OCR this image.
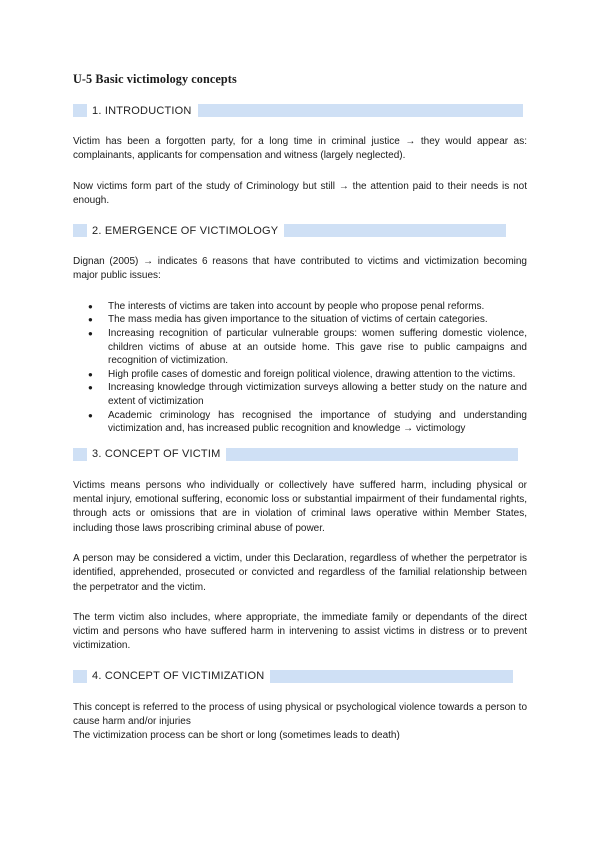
U-5 Basic victimology concepts
1. INTRODUCTION

Victim has been a forgotten party, for a long time in criminal justice → they would appear as: complainants, applicants for compensation and witness (largely neglected).

Now victims form part of the study of Criminology but still → the attention paid to their needs is not enough.

2. EMERGENCE OF VICTIMOLOGY

Dignan (2005) → indicates 6 reasons that have contributed to victims and victimization becoming major public issues:

● The interests of victims are taken into account by people who propose penal reforms.
● The mass media has given importance to the situation of victims of certain categories.
● Increasing recognition of particular vulnerable groups: women suffering domestic violence, children victims of abuse at an outside home. This gave rise to public campaigns and recognition of victimization.
● High profile cases of domestic and foreign political violence, drawing attention to the victims.
● Increasing knowledge through victimization surveys allowing a better study on the nature and extent of victimization
● Academic criminology has recognised the importance of studying and understanding victimization and, has increased public recognition and knowledge → victimology
3. CONCEPT OF VICTIM

Victims means persons who individually or collectively have suffered harm, including physical or mental injury, emotional suffering, economic loss or substantial impairment of their fundamental rights, through acts or omissions that are in violation of criminal laws operative within Member States, including those laws proscribing criminal abuse of power.

A person may be considered a victim, under this Declaration, regardless of whether the perpetrator is identified, apprehended, prosecuted or convicted and regardless of the familial relationship between the perpetrator and the victim.

The term victim also includes, where appropriate, the immediate family or dependants of the direct victim and persons who have suffered harm in intervening to assist victims in distress or to prevent victimization.

4. CONCEPT OF VICTIMIZATION

This concept is referred to the process of using physical or psychological violence towards a person to cause harm and/or injuries

The victimization process can be short or long (sometimes leads to death)
